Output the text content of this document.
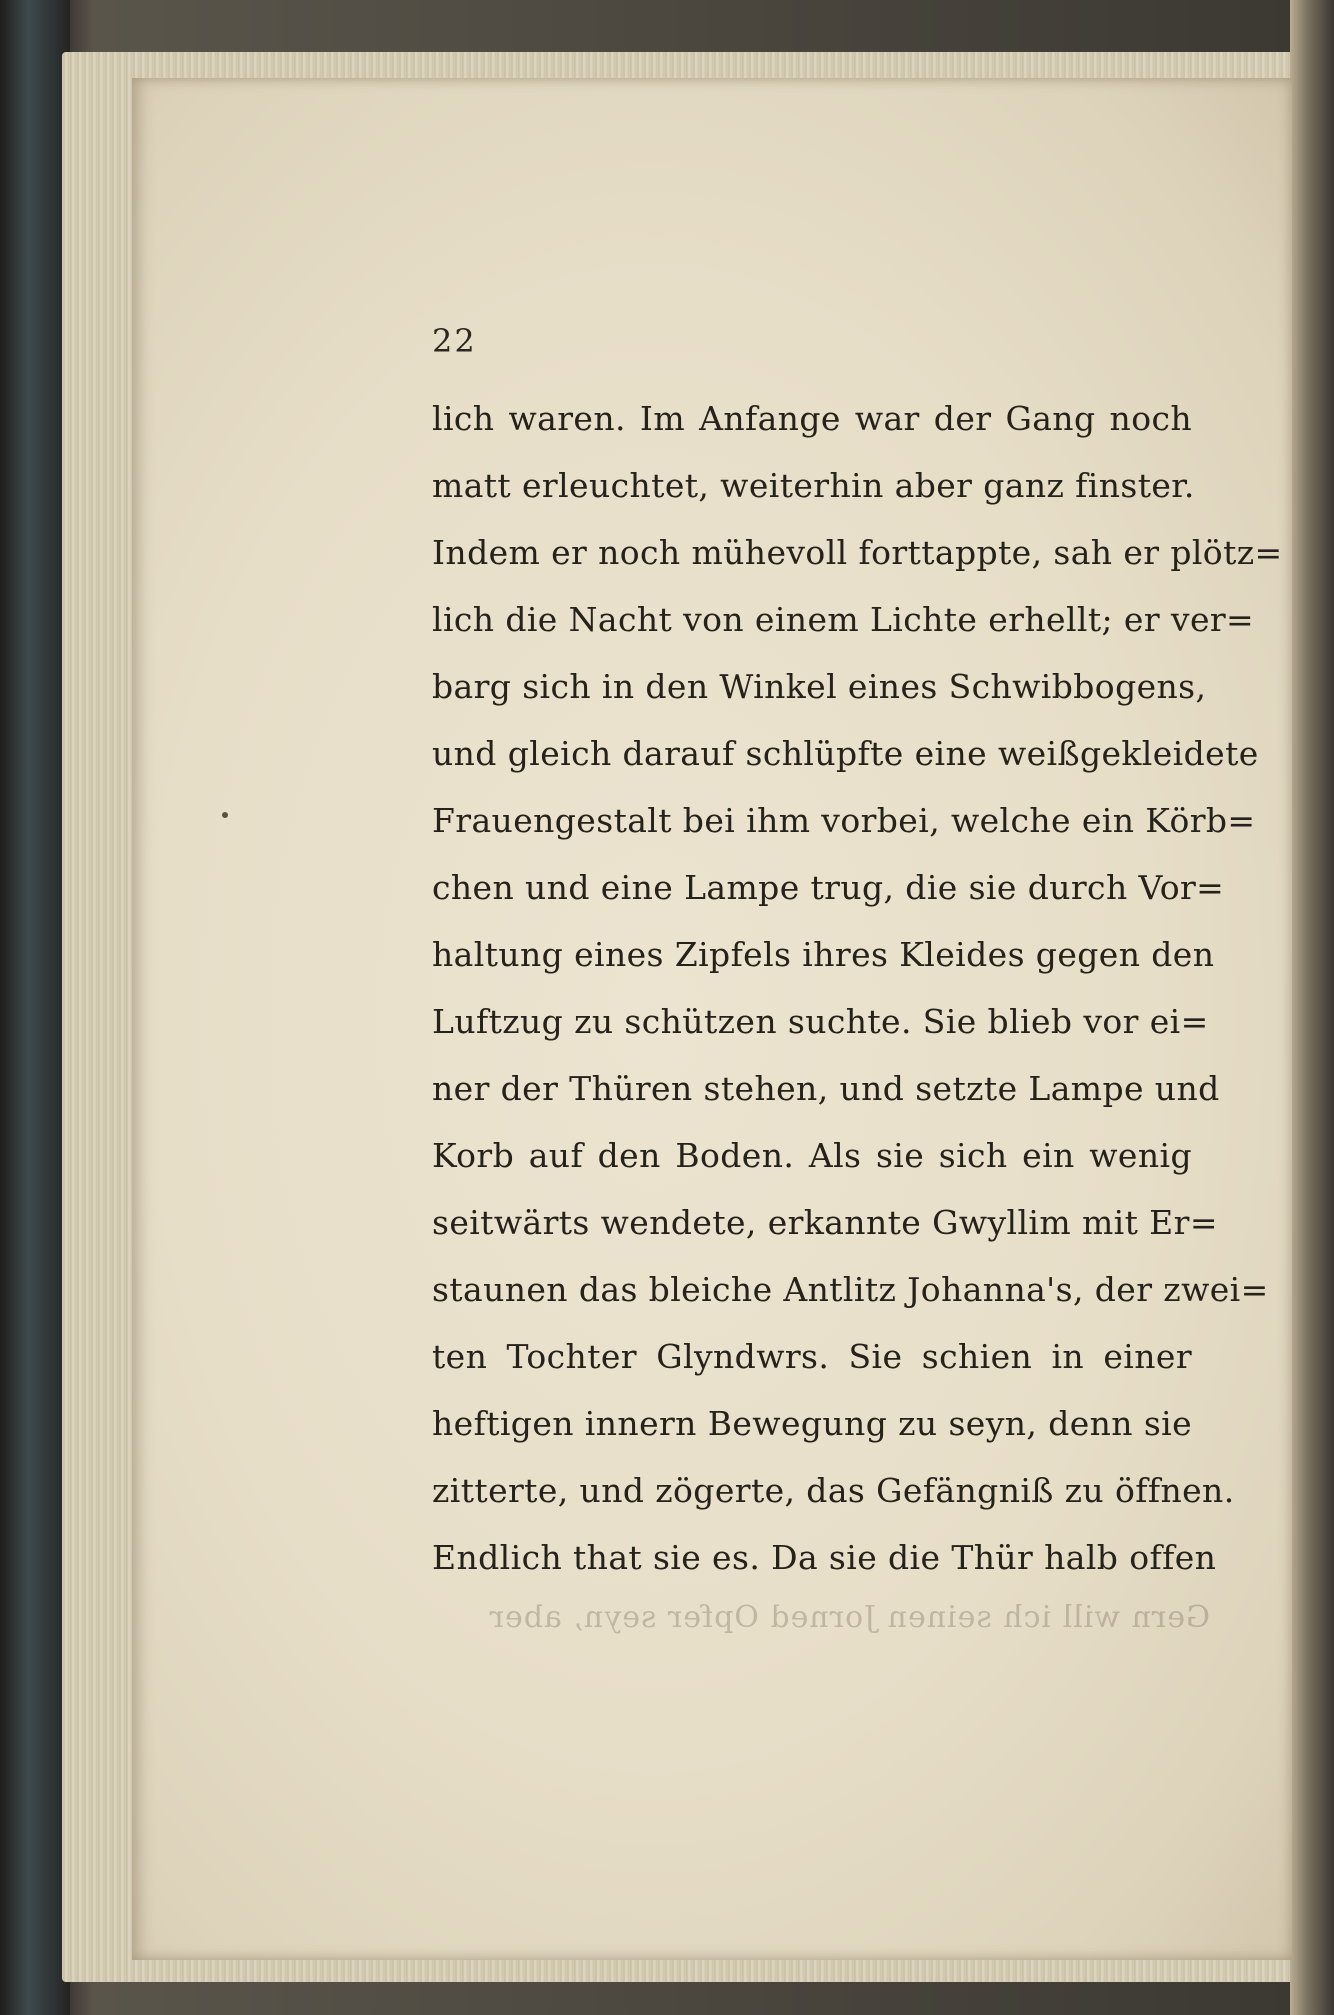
22
lich waren. Im Anfange war der Gang noch
matt erleuchtet, weiterhin aber ganz finster.
Indem er noch mühevoll forttappte, sah er plötz=
lich die Nacht von einem Lichte erhellt; er ver=
barg sich in den Winkel eines Schwibbogens,
und gleich darauf schlüpfte eine weißgekleidete
Frauengestalt bei ihm vorbei, welche ein Körb=
chen und eine Lampe trug, die sie durch Vor=
haltung eines Zipfels ihres Kleides gegen den
Luftzug zu schützen suchte. Sie blieb vor ei=
ner der Thüren stehen, und setzte Lampe und
Korb auf den Boden. Als sie sich ein wenig
seitwärts wendete, erkannte Gwyllim mit Er=
staunen das bleiche Antlitz Johanna's, der zwei=
ten Tochter Glyndwrs. Sie schien in einer
heftigen innern Bewegung zu seyn, denn sie
zitterte, und zögerte, das Gefängniß zu öffnen.
Endlich that sie es. Da sie die Thür halb offen
Gern will ich seinen Jorned Opfer seyn, aber
